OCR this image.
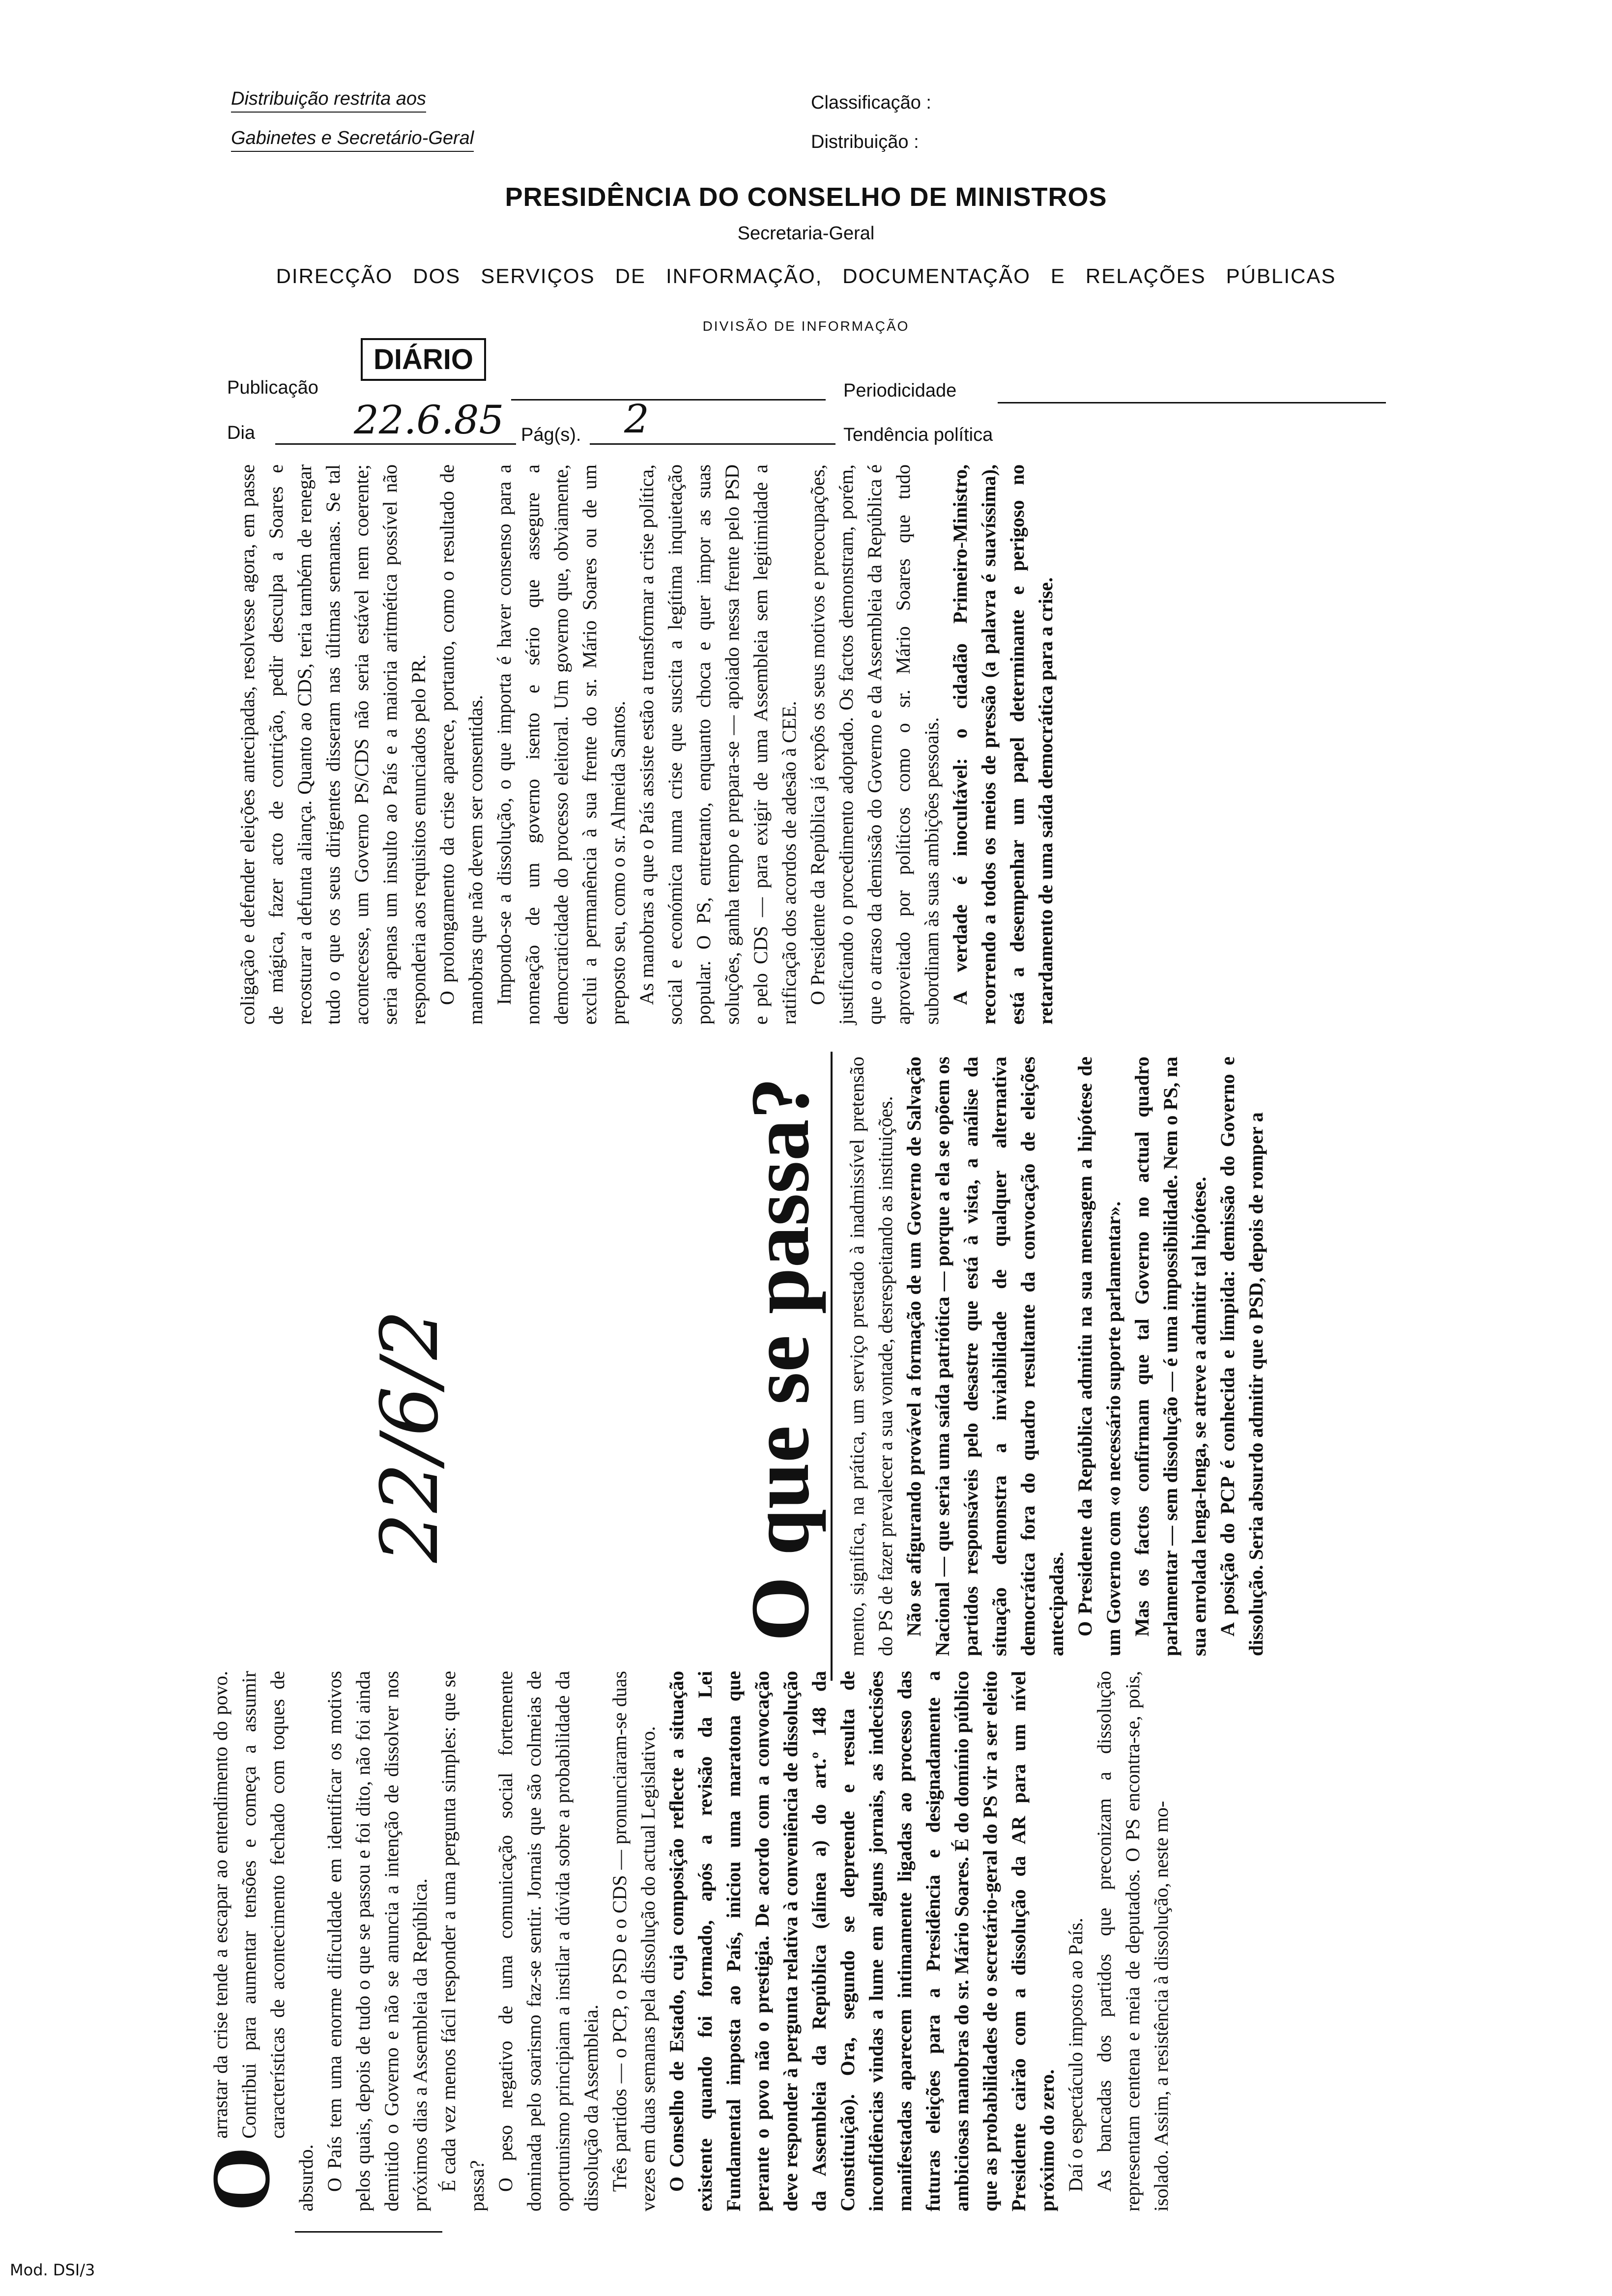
Distribuição restrita aos
Gabinetes e Secretário-Geral
Classificação :
Distribuição :
PRESIDÊNCIA DO CONSELHO DE MINISTROS
Secretaria-Geral
DIRECÇÃO   DOS   SERVIÇOS   DE   INFORMAÇÃO,   DOCUMENTAÇÃO   E   RELAÇÕES   PÚBLICAS
DIVISÃO DE INFORMAÇÃO
Publicação
DIÁRIO
Periodicidade
Dia	22.6.85 Pág(s). 2	Tendência política

coligação e defender eleições antecipadas, resolvesse agora, em passe de mágica, fazer acto de contrição, pedir desculpa a Soares e recosturar a defunta aliança. Quanto ao CDS, teria também de renegar tudo o que os seus dirigentes disseram nas últimas semanas. Se tal acontecesse, um Governo PS/CDS não seria estável nem coerente; seria apenas um insulto ao País e a maioria aritmética possível não responderia aos requisitos enunciados pelo PR. O prolongamento da crise aparece, portanto, como o resultado de manobras que não devem ser consentidas. Impondo-se a dissolução, o que importa é haver consenso para a nomeação de um governo isento e sério que assegure a democraticidade do processo eleitoral. Um governo que, obviamente, exclui a permanência à sua frente do sr. Mário Soares ou de um preposto seu, como o sr. Almeida Santos. As manobras a que o País assiste estão a transformar a crise política, social e económica numa crise que suscita a legítima inquietação popular. O PS, entretanto, enquanto choca e quer impor as suas soluções, ganha tempo e prepara-se — apoiado nessa frente pelo PSD e pelo CDS — para exigir de uma Assembleia sem legitimidade a ratificação dos acordos de adesão à CEE. O Presidente da República já expôs os seus motivos e preocupações, justificando o procedimento adoptado. Os factos demonstram, porém, que o atraso da demissão do Governo e da Assembleia da República é aproveitado por políticos como o sr. Mário Soares que tudo subordinam às suas ambições pessoais. A verdade é inocultável: o cidadão Primeiro-Ministro, recorrendo a todos os meios de pressão (a palavra é suavíssima), está a desempenhar um papel determinante e perigoso no retardamento de uma saída democrática para a crise.

22/6/2	O que se passa? mento, significa, na prática, um serviço prestado à inadmissível pretensão do PS de fazer prevalecer a sua vontade, desrespeitando as instituições. Não se afigurando provável a formação de um Governo de Salvação Nacional — que seria uma saída patriótica — porque a ela se opõem os partidos responsáveis pelo desastre que está à vista, a análise da situação demonstra a inviabilidade de qualquer alternativa democrática fora do quadro resultante da convocação de eleições antecipadas. O Presidente da República admitiu na sua mensagem a hipótese de um Governo com «o necessário suporte parlamentar». Mas os factos confirmam que tal Governo no actual quadro parlamentar — sem dissolução — é uma impossibilidade. Nem o PS, na sua enrolada lenga-lenga, se atreve a admitir tal hipótese. A posição do PCP é conhecida e límpida: demissão do Governo e dissolução. Seria absurdo admitir que o PSD, depois de romper a

O

arrastar da crise tende a escapar ao entendimento do povo. Contribui para aumentar tensões e começa a assumir características de acontecimento fechado com toques de absurdo. O País tem uma enorme dificuldade em identificar os motivos pelos quais, depois de tudo o que se passou e foi dito, não foi ainda demitido o Governo e não se anuncia a intenção de dissolver nos próximos dias a Assembleia da República. É cada vez menos fácil responder a uma pergunta simples: que se passa? O peso negativo de uma comunicação social fortemente dominada pelo soarismo faz-se sentir. Jornais que são colmeias de oportunismo principiam a instilar a dúvida sobre a probabilidade da dissolução da Assembleia. Três partidos — o PCP, o PSD e o CDS — pronunciaram-se duas vezes em duas semanas pela dissolução do actual Legislativo. O Conselho de Estado, cuja composição reflecte a situação existente quando foi formado, após a revisão da Lei Fundamental imposta ao País, iniciou uma maratona que perante o povo não o prestigia. De acordo com a convocação deve responder à pergunta relativa à conveniência de dissolução da Assembleia da República (alínea a) do art.º 148 da Constituição). Ora, segundo se depreende e resulta de inconfidências vindas a lume em alguns jornais, as indecisões manifestadas aparecem intimamente ligadas ao processo das futuras eleições para a Presidência e designadamente a ambiciosas manobras do sr. Mário Soares. É do domínio público que as probabilidades de o secretário-geral do PS vir a ser eleito Presidente cairão com a dissolução da AR para um nível próximo do zero. Daí o espectáculo imposto ao País. As bancadas dos partidos que preconizam a dissolução representam centena e meia de deputados. O PS encontra-se, pois, isolado. Assim, a resistência à dissolução, neste mo-

Mod. DSI/3
